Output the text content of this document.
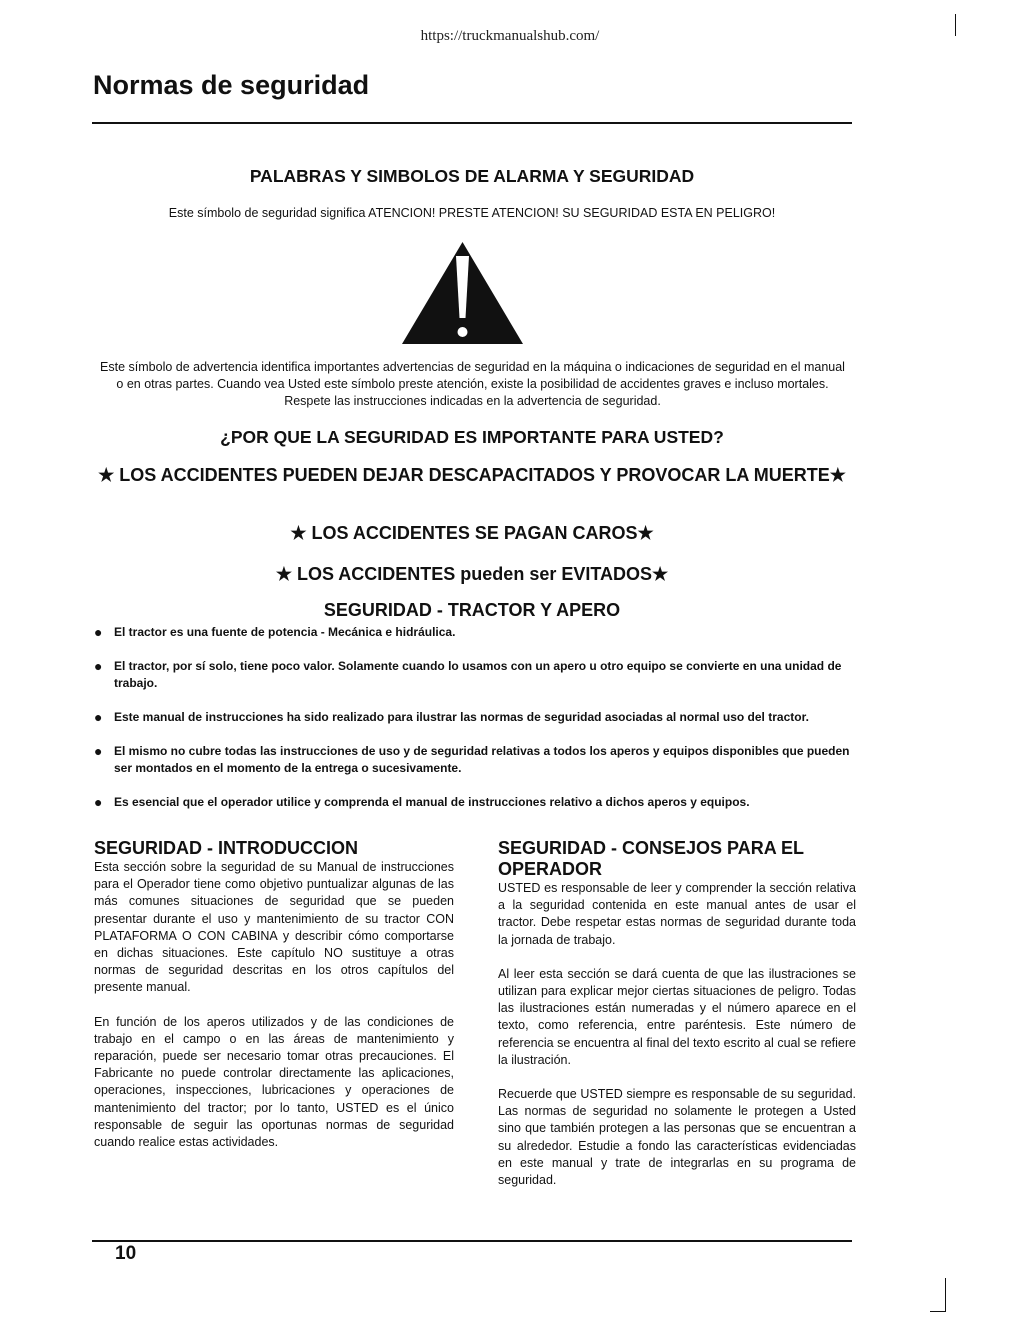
https://truckmanualshub.com/
Normas de seguridad
PALABRAS Y SIMBOLOS DE ALARMA Y SEGURIDAD
Este símbolo de seguridad significa ATENCION! PRESTE ATENCION! SU SEGURIDAD ESTA EN PELIGRO!
Este símbolo de advertencia identifica importantes advertencias de seguridad en la máquina o indicaciones de seguridad en el manual o en otras partes. Cuando vea Usted este símbolo preste atención, existe la posibilidad de accidentes graves e incluso mortales. Respete las instrucciones indicadas en la advertencia de seguridad.
¿POR QUE LA SEGURIDAD ES IMPORTANTE PARA USTED?
★ LOS ACCIDENTES PUEDEN DEJAR DESCAPACITADOS Y PROVOCAR LA MUERTE★
★ LOS ACCIDENTES SE PAGAN CAROS★
★ LOS ACCIDENTES pueden ser EVITADOS★
SEGURIDAD - TRACTOR Y APERO
● El tractor es una fuente de potencia - Mecánica e hidráulica.
● El tractor, por sí solo, tiene poco valor. Solamente cuando lo usamos con un apero u otro equipo se convierte en una unidad de trabajo.
● Este manual de instrucciones ha sido realizado para ilustrar las normas de seguridad asociadas al normal uso del tractor.
● El mismo no cubre todas las instrucciones de uso y de seguridad relativas a todos los aperos y equipos disponibles que pueden ser montados en el momento de la entrega o sucesivamente.
● Es esencial que el operador utilice y comprenda el manual de instrucciones relativo a dichos aperos y equipos.
SEGURIDAD - INTRODUCCION

Esta sección sobre la seguridad de su Manual de instrucciones para el Operador tiene como objetivo puntualizar algunas de las más comunes situaciones de seguridad que se pueden presentar durante el uso y mantenimiento de su tractor CON PLATAFORMA O CON CABINA y describir cómo comportarse en dichas situaciones. Este capítulo NO sustituye a otras normas de seguridad descritas en los otros capítulos del presente manual.

En función de los aperos utilizados y de las condiciones de trabajo en el campo o en las áreas de mantenimiento y reparación, puede ser necesario tomar otras precauciones. El Fabricante no puede controlar directamente las aplicaciones, operaciones, inspecciones, lubricaciones y operaciones de mantenimiento del tractor; por lo tanto, USTED es el único responsable de seguir las oportunas normas de seguridad cuando realice estas actividades.

SEGURIDAD - CONSEJOS PARA EL OPERADOR

USTED es responsable de leer y comprender la sección relativa a la seguridad contenida en este manual antes de usar el tractor. Debe respetar estas normas de seguridad durante toda la jornada de trabajo.

Al leer esta sección se dará cuenta de que las ilustraciones se utilizan para explicar mejor ciertas situaciones de peligro. Todas las ilustraciones están numeradas y el número aparece en el texto, como referencia, entre paréntesis. Este número de referencia se encuentra al final del texto escrito al cual se refiere la ilustración.

Recuerde que USTED siempre es responsable de su seguridad. Las normas de seguridad no solamente le protegen a Usted sino que también protegen a las personas que se encuentran a su alrededor. Estudie a fondo las características evidenciadas en este manual y trate de integrarlas en su programa de seguridad.

10
